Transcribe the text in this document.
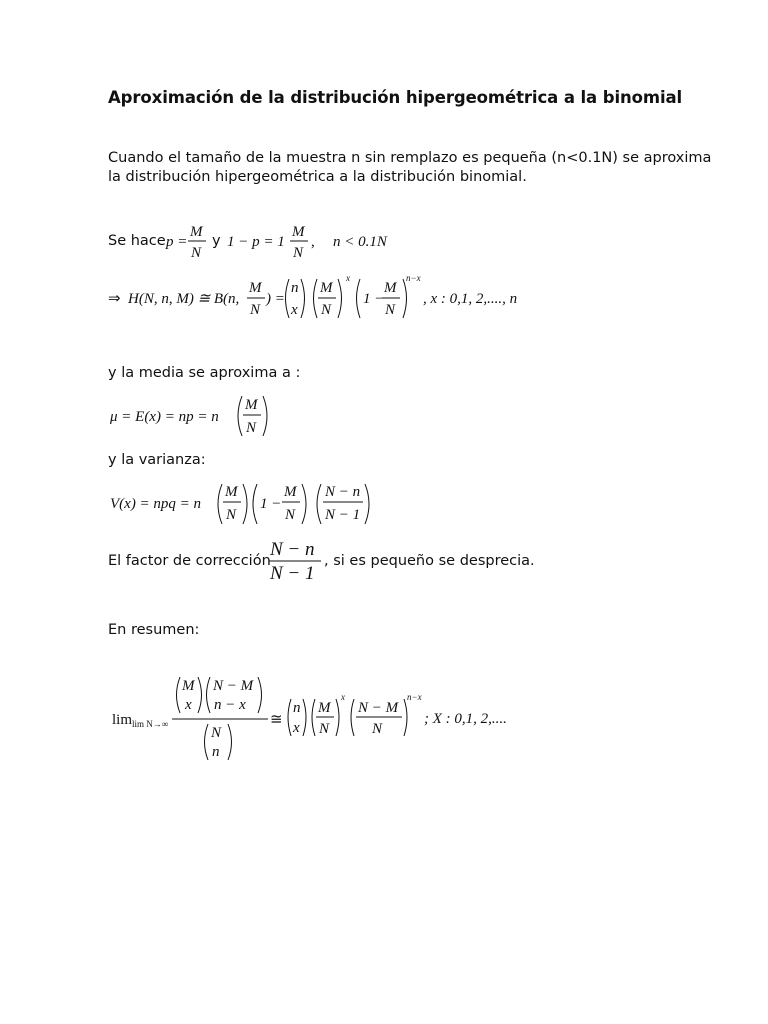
Aproximación de la distribución hipergeométrica a la binomial
Cuando el tamaño de la muestra n sin remplazo es pequeña (n<0.1N) se aproxima
la distribución hipergeométrica a la distribución binomial.
Se hace p =
M
N
y 1 − p = 1 −
M
N
, n < 0.1N
⇒ H(N, n, M) ≅ B(n,
M
N
) =
n
x
M
N
x
1 −
M
N
n−x
, x : 0,1, 2,...., n
y la media se aproxima a :
μ = E(x) = np = n
M
N
y la varianza:
V(x) = npq = n
M
N
1 −
M
N
N − n
N − 1
El factor de corrección
N − n
N − 1
, si es pequeño se desprecia.
En resumen:
lim lim N→∞
M
x
N − M
n − x
N
n
≅
n
x
M
N
x
N − M
N
n−x
; X : 0,1, 2,....
